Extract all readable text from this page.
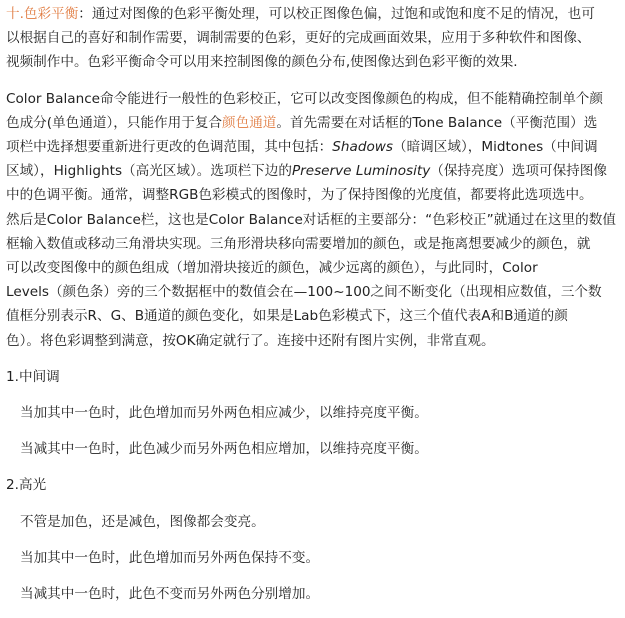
十.色彩平衡：通过对图像的色彩平衡处理，可以校正图像色偏，过饱和或饱和度不足的情况，也可
以根据自己的喜好和制作需要，调制需要的色彩，更好的完成画面效果，应用于多种软件和图像、
视频制作中。色彩平衡命令可以用来控制图像的颜色分布,使图像达到色彩平衡的效果.

Color Balance命令能进行一般性的色彩校正，它可以改变图像颜色的构成，但不能精确控制单个颜
色成分(单色通道），只能作用于复合颜色通道。首先需要在对话框的Tone Balance（平衡范围）选
项栏中选择想要重新进行更改的色调范围，其中包括：Shadows（暗调区域），Midtones（中间调
区域），Highlights（高光区域）。选项栏下边的Preserve Luminosity（保持亮度）选项可保持图像
中的色调平衡。通常，调整RGB色彩模式的图像时，为了保持图像的光度值，都要将此选项选中。
然后是Color Balance栏，这也是Color Balance对话框的主要部分：“色彩校正”就通过在这里的数值
框输入数值或移动三角滑块实现。三角形滑块移向需要增加的颜色，或是拖离想要减少的颜色，就
可以改变图像中的颜色组成（增加滑块接近的颜色，减少远离的颜色），与此同时，Color
Levels（颜色条）旁的三个数据框中的数值会在—100~100之间不断变化（出现相应数值，三个数
值框分别表示R、G、B通道的颜色变化，如果是Lab色彩模式下，这三个值代表A和B通道的颜
色）。将色彩调整到满意，按OK确定就行了。连接中还附有图片实例，非常直观。

1.中间调

当加其中一色时，此色增加而另外两色相应减少，以维持亮度平衡。

当减其中一色时，此色减少而另外两色相应增加，以维持亮度平衡。

2.高光

不管是加色，还是减色，图像都会变亮。

当加其中一色时，此色增加而另外两色保持不变。

当减其中一色时，此色不变而另外两色分别增加。
